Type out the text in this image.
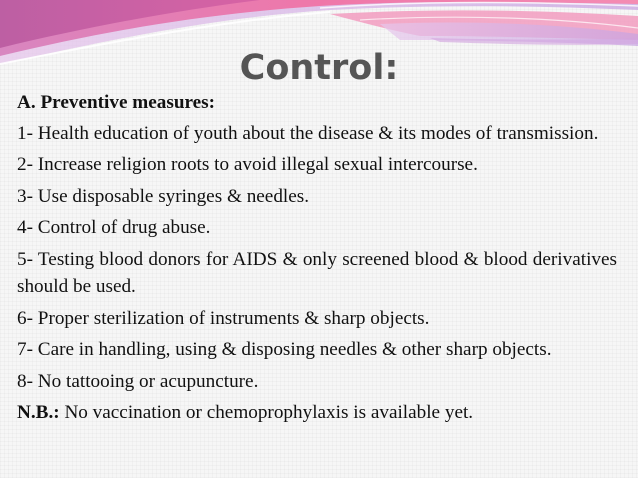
Control:
A. Preventive measures:
1- Health education of youth about the disease & its modes of transmission.
2- Increase religion roots to avoid illegal sexual intercourse.
3- Use disposable syringes & needles.
4- Control of drug abuse.
5- Testing blood donors for AIDS & only screened blood & blood derivatives should be used.
6- Proper sterilization of instruments & sharp objects.
7- Care in handling, using & disposing needles & other sharp objects.
8- No tattooing or acupuncture.
N.B.: No vaccination or chemoprophylaxis is available yet.
